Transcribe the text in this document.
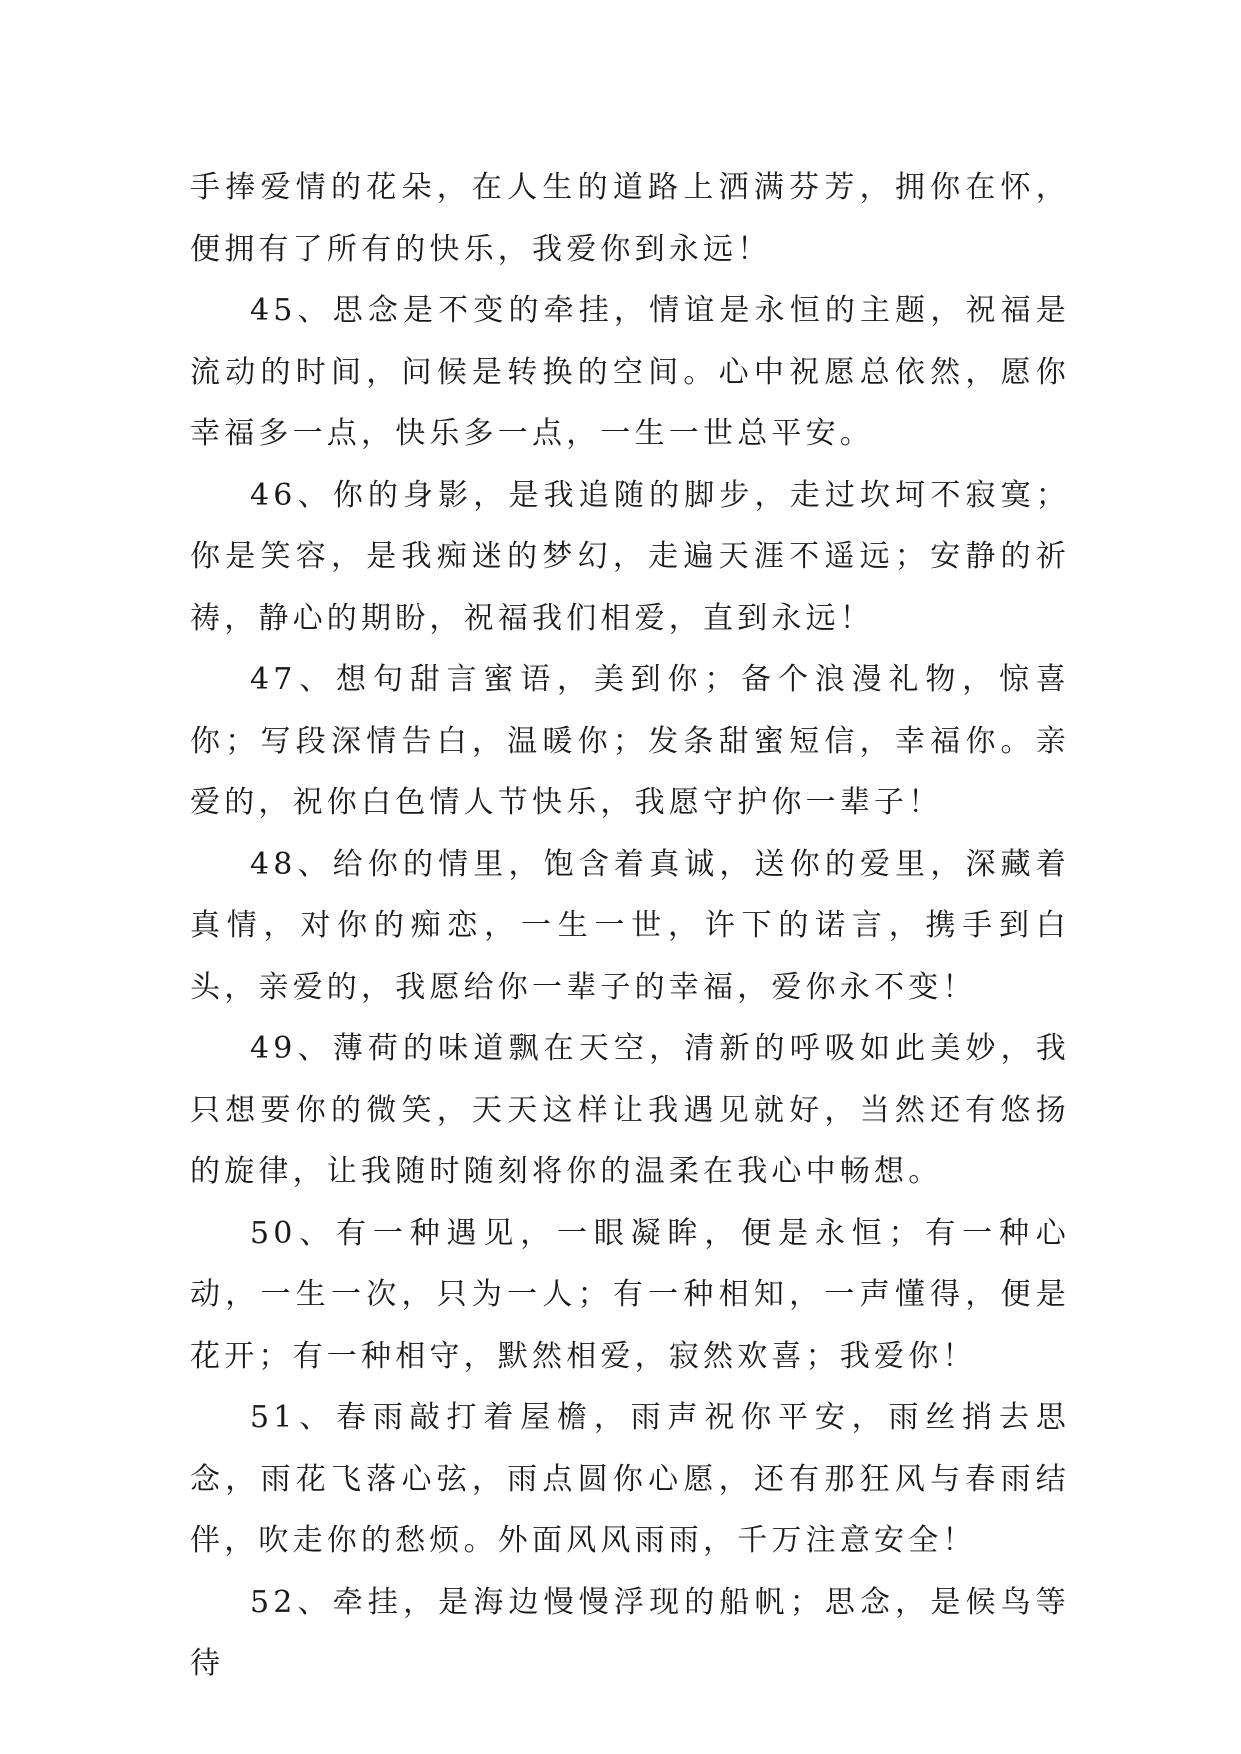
手捧爱情的花朵，在人生的道路上洒满芬芳，拥你在怀，便拥有了所有的快乐，我爱你到永远！

45、思念是不变的牵挂，情谊是永恒的主题，祝福是流动的时间，问候是转换的空间。心中祝愿总依然，愿你幸福多一点，快乐多一点，一生一世总平安。

46、你的身影，是我追随的脚步，走过坎坷不寂寞；你是笑容，是我痴迷的梦幻，走遍天涯不遥远；安静的祈祷，静心的期盼，祝福我们相爱，直到永远！

47、想句甜言蜜语，美到你；备个浪漫礼物，惊喜你；写段深情告白，温暖你；发条甜蜜短信，幸福你。亲爱的，祝你白色情人节快乐，我愿守护你一辈子！

48、给你的情里，饱含着真诚，送你的爱里，深藏着真情，对你的痴恋，一生一世，许下的诺言，携手到白头，亲爱的，我愿给你一辈子的幸福，爱你永不变！

49、薄荷的味道飘在天空，清新的呼吸如此美妙，我只想要你的微笑，天天这样让我遇见就好，当然还有悠扬的旋律，让我随时随刻将你的温柔在我心中畅想。

50、有一种遇见，一眼凝眸，便是永恒；有一种心动，一生一次，只为一人；有一种相知，一声懂得，便是花开；有一种相守，默然相爱，寂然欢喜；我爱你！

51、春雨敲打着屋檐，雨声祝你平安，雨丝捎去思念，雨花飞落心弦，雨点圆你心愿，还有那狂风与春雨结伴，吹走你的愁烦。外面风风雨雨，千万注意安全！

52、牵挂，是海边慢慢浮现的船帆；思念，是候鸟等待
